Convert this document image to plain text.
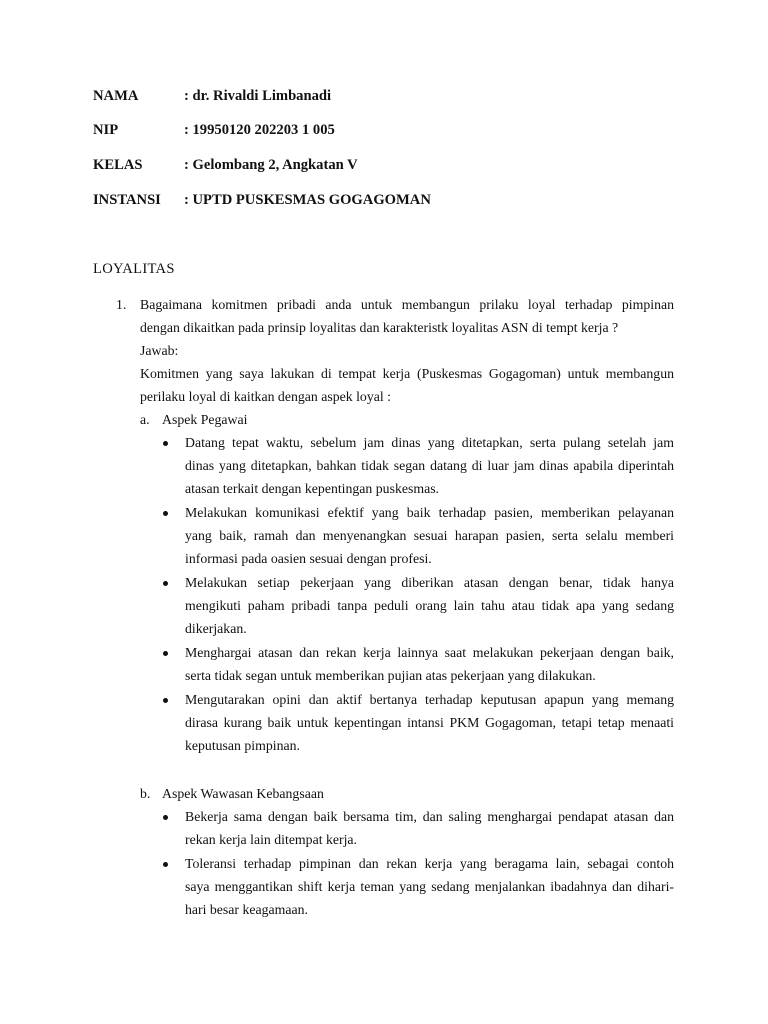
NAMA	: dr. Rivaldi Limbanadi
NIP	: 19950120 202203 1 005
KELAS	: Gelombang 2, Angkatan V
INSTANSI : UPTD PUSKESMAS GOGAGOMAN
LOYALITAS
1. Bagaimana komitmen pribadi anda untuk membangun prilaku loyal terhadap pimpinan
dengan dikaitkan pada prinsip loyalitas dan karakteristk loyalitas ASN di tempt kerja ?
Jawab:
Komitmen yang saya lakukan di tempat kerja (Puskesmas Gogagoman) untuk membangun
perilaku loyal di kaitkan dengan aspek loyal :
a. Aspek Pegawai
Datang tepat waktu, sebelum jam dinas yang ditetapkan, serta pulang setelah jam
dinas yang ditetapkan, bahkan tidak segan datang di luar jam dinas apabila diperintah
atasan terkait dengan kepentingan puskesmas.
Melakukan komunikasi efektif yang baik terhadap pasien, memberikan pelayanan
yang baik, ramah dan menyenangkan sesuai harapan pasien, serta selalu memberi
informasi pada oasien sesuai dengan profesi.
Melakukan setiap pekerjaan yang diberikan atasan dengan benar, tidak hanya
mengikuti paham pribadi tanpa peduli orang lain tahu atau tidak apa yang sedang
dikerjakan.
Menghargai atasan dan rekan kerja lainnya saat melakukan pekerjaan dengan baik,
serta tidak segan untuk memberikan pujian atas pekerjaan yang dilakukan.
Mengutarakan opini dan aktif bertanya terhadap keputusan apapun yang memang
dirasa kurang baik untuk kepentingan intansi PKM Gogagoman, tetapi tetap menaati
keputusan pimpinan.
b. Aspek Wawasan Kebangsaan
Bekerja sama dengan baik bersama tim, dan saling menghargai pendapat atasan dan
rekan kerja lain ditempat kerja.
Toleransi terhadap pimpinan dan rekan kerja yang beragama lain, sebagai contoh
saya menggantikan shift kerja teman yang sedang menjalankan ibadahnya dan dihari-
hari besar keagamaan.
